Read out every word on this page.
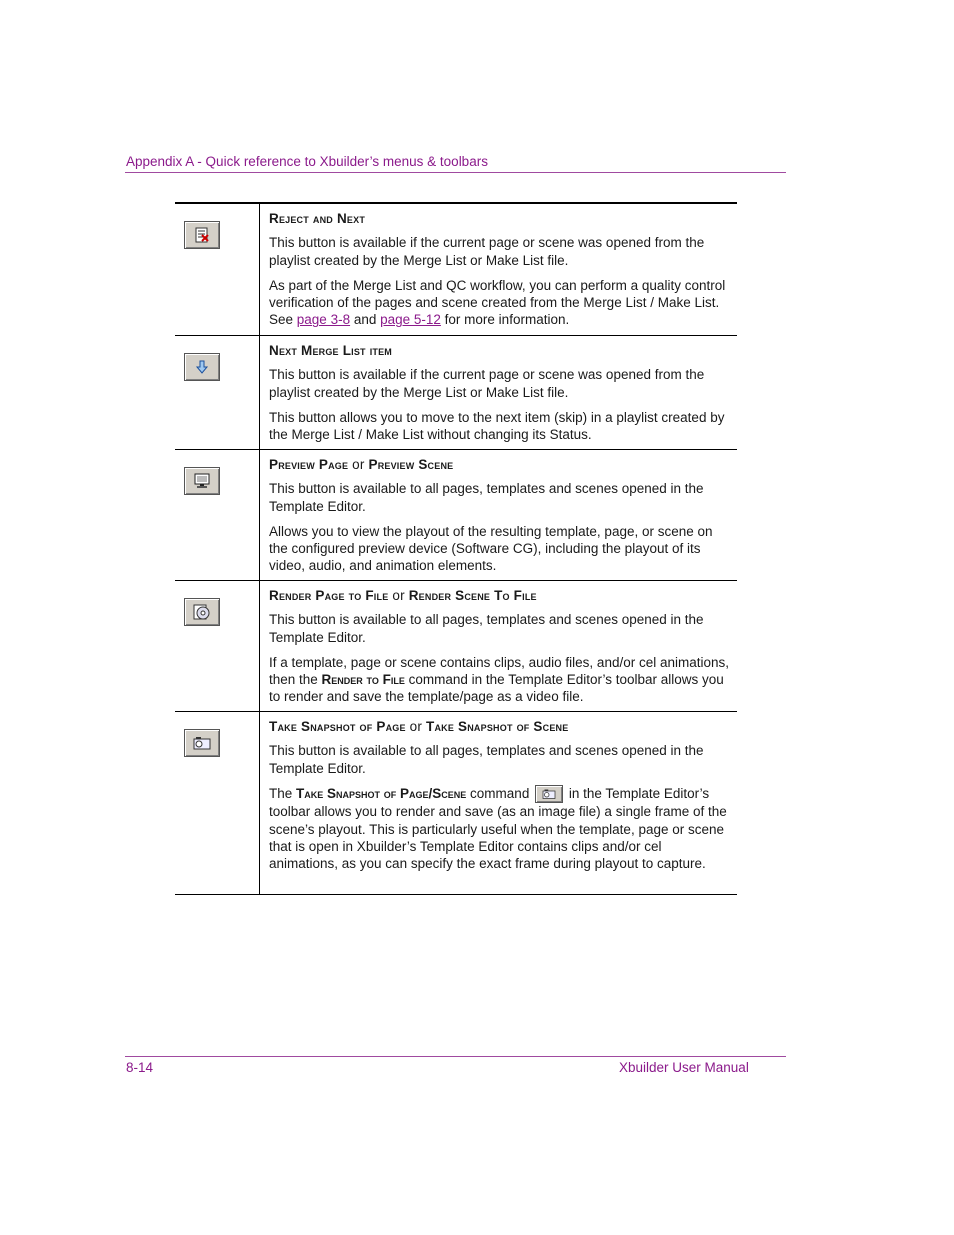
Appendix A - Quick reference to Xbuilder’s menus & toolbars
Reject and Next

This button is available if the current page or scene was opened from the playlist created by the Merge List or Make List file.

As part of the Merge List and QC workflow, you can perform a quality control verification of the pages and scene created from the Merge List / Make List. See page 3-8 and page 5-12 for more information.

Next Merge List item

This button is available if the current page or scene was opened from the playlist created by the Merge List or Make List file.

This button allows you to move to the next item (skip) in a playlist created by the Merge List / Make List without changing its Status.

Preview Page or Preview Scene

This button is available to all pages, templates and scenes opened in the Template Editor.

Allows you to view the playout of the resulting template, page, or scene on the configured preview device (Software CG), including the playout of its video, audio, and animation elements.

Render Page to File or Render Scene To File

This button is available to all pages, templates and scenes opened in the Template Editor.

If a template, page or scene contains clips, audio files, and/or cel animations, then the Render to File command in the Template Editor’s toolbar allows you to render and save the template/page as a video file.

Take Snapshot of Page or Take Snapshot of Scene

This button is available to all pages, templates and scenes opened in the Template Editor.

The Take Snapshot of Page/Scene command
in the Template Editor’s toolbar allows you to render and save (as an image file) a single frame of the scene’s playout. This is particularly useful when the template, page or scene that is open in Xbuilder’s Template Editor contains clips and/or cel animations, as you can specify the exact frame during playout to capture.

8-14	Xbuilder User Manual
